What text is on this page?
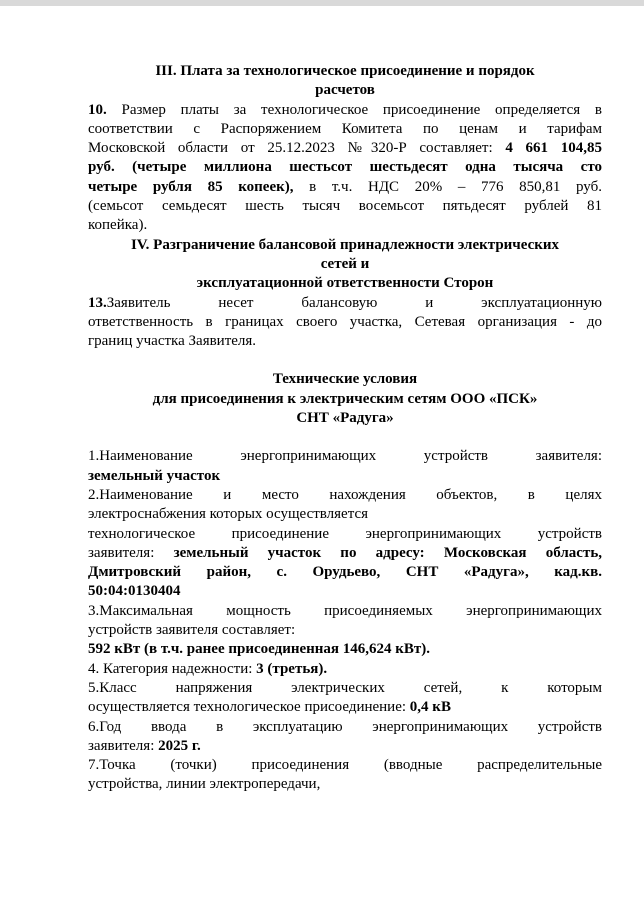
III. Плата за технологическое присоединение и порядок

расчетов

10. Размер платы за технологическое присоединение определяется в

соответствии с Распоряжением Комитета по ценам и тарифам

Московской области от 25.12.2023 №320-Р составляет: 4 661 104,85

руб. (четыре миллиона шестьсот шестьдесят одна тысяча сто

четыре рубля 85 копеек), в т.ч. НДС 20% – 776 850,81 руб.

(семьсот семьдесят шесть тысяч восемьсот пятьдесят рублей 81

копейка).

IV. Разграничение балансовой принадлежности электрических

сетей и

эксплуатационной ответственности Сторон

13.Заявитель несет балансовую и эксплуатационную

ответственность в границах своего участка, Сетевая организация - до

границ участка Заявителя.

Технические условия

для присоединения к электрическим сетям ООО «ПСК»

СНТ «Радуга»

1.Наименование энергопринимающих устройств заявителя:

земельный участок

2.Наименование и место нахождения объектов, в целях

электроснабжения которых осуществляется

технологическое присоединение энергопринимающих устройств

заявителя: земельный участок по адресу: Московская область,

Дмитровский район, с. Орудьево, СНТ «Радуга», кад.кв.

50:04:0130404

3.Максимальная мощность присоединяемых энергопринимающих

устройств заявителя составляет:

592 кВт (в т.ч. ранее присоединенная 146,624 кВт).

4. Категория надежности: 3 (третья).

5.Класс напряжения электрических сетей, к которым

осуществляется технологическое присоединение: 0,4 кВ

6.Год ввода в эксплуатацию энергопринимающих устройств

заявителя: 2025 г.

7.Точка (точки) присоединения (вводные распределительные

устройства, линии электропередачи,
